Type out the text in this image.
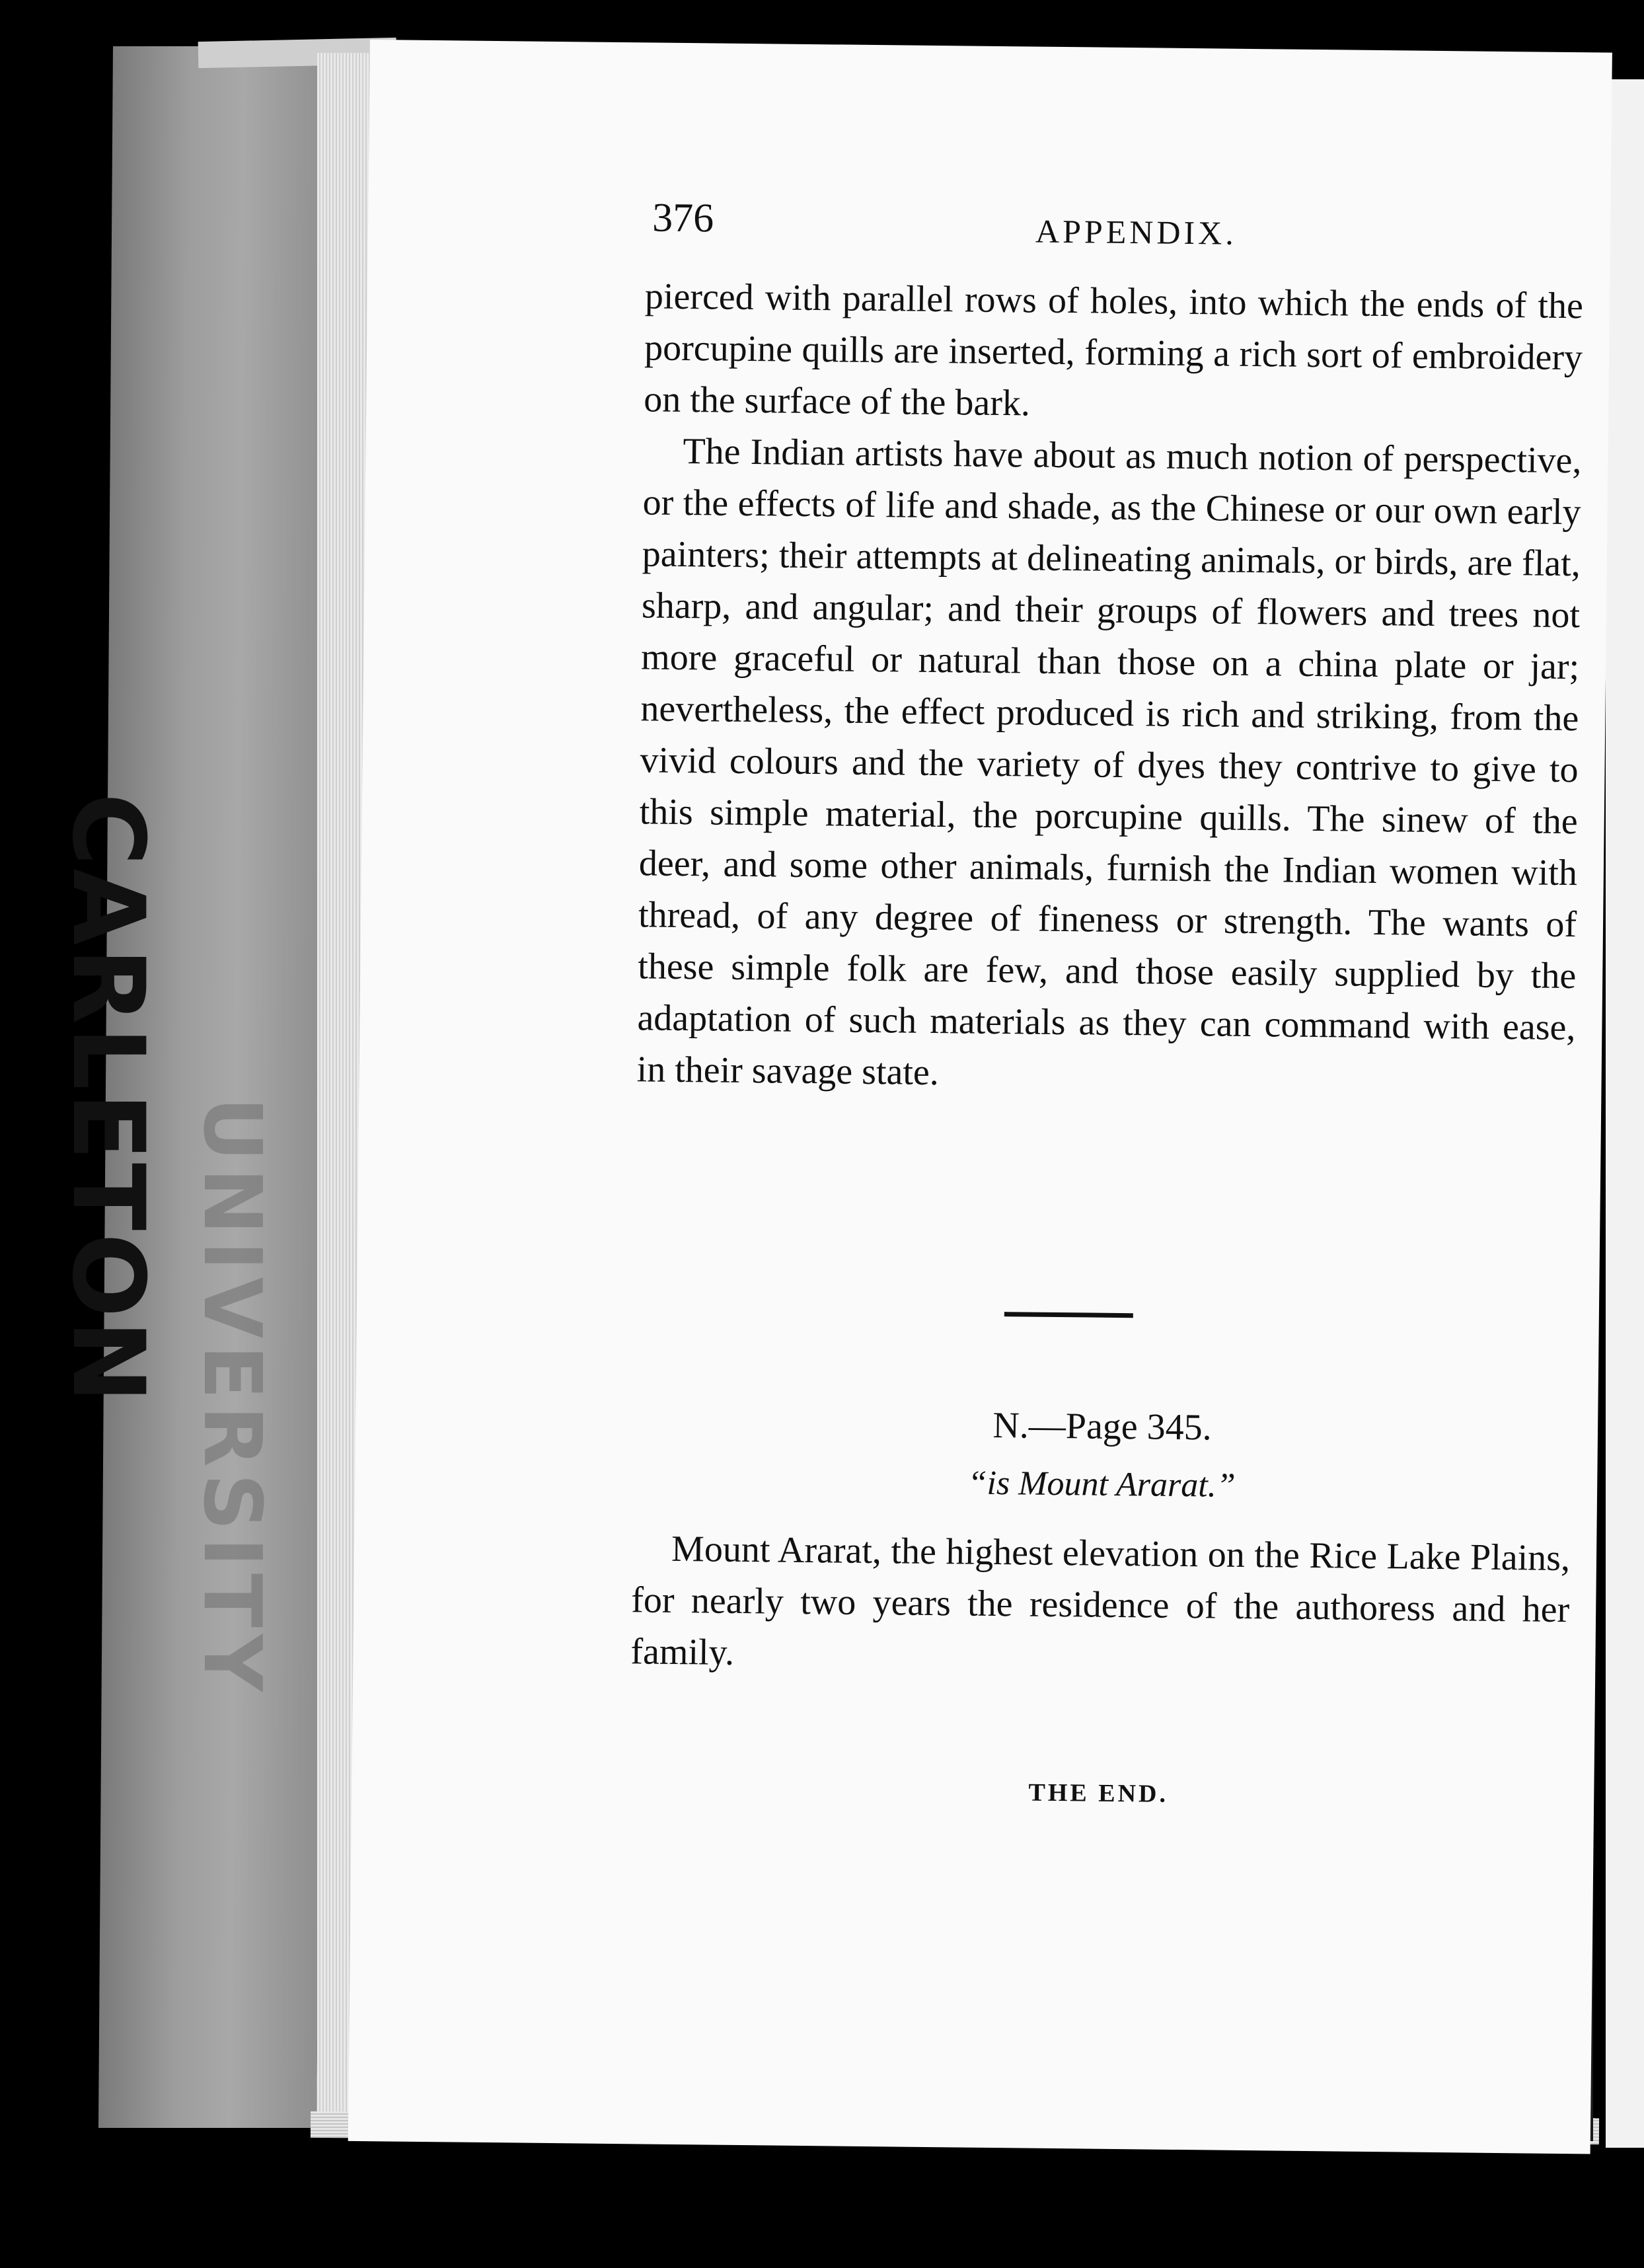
CARLETON UNIVERSITY
376	APPENDIX.

pierced with parallel rows of holes, into which the ends of the porcupine quills are inserted, forming a rich sort of embroidery on the surface of the bark.

The Indian artists have about as much notion of perspective, or the effects of life and shade, as the Chinese or our own early painters; their attempts at delineating animals, or birds, are flat, sharp, and angular; and their groups of flowers and trees not more graceful or natural than those on a china plate or jar; nevertheless, the effect produced is rich and striking, from the vivid colours and the variety of dyes they contrive to give to this simple material, the porcupine quills. The sinew of the deer, and some other animals, furnish the Indian women with thread, of any degree of fineness or strength. The wants of these simple folk are few, and those easily supplied by the adaptation of such materials as they can command with ease, in their savage state.

N.—Page 345.
“is Mount Ararat.”

Mount Ararat, the highest elevation on the Rice Lake Plains, for nearly two years the residence of the authoress and her family.

THE END.
